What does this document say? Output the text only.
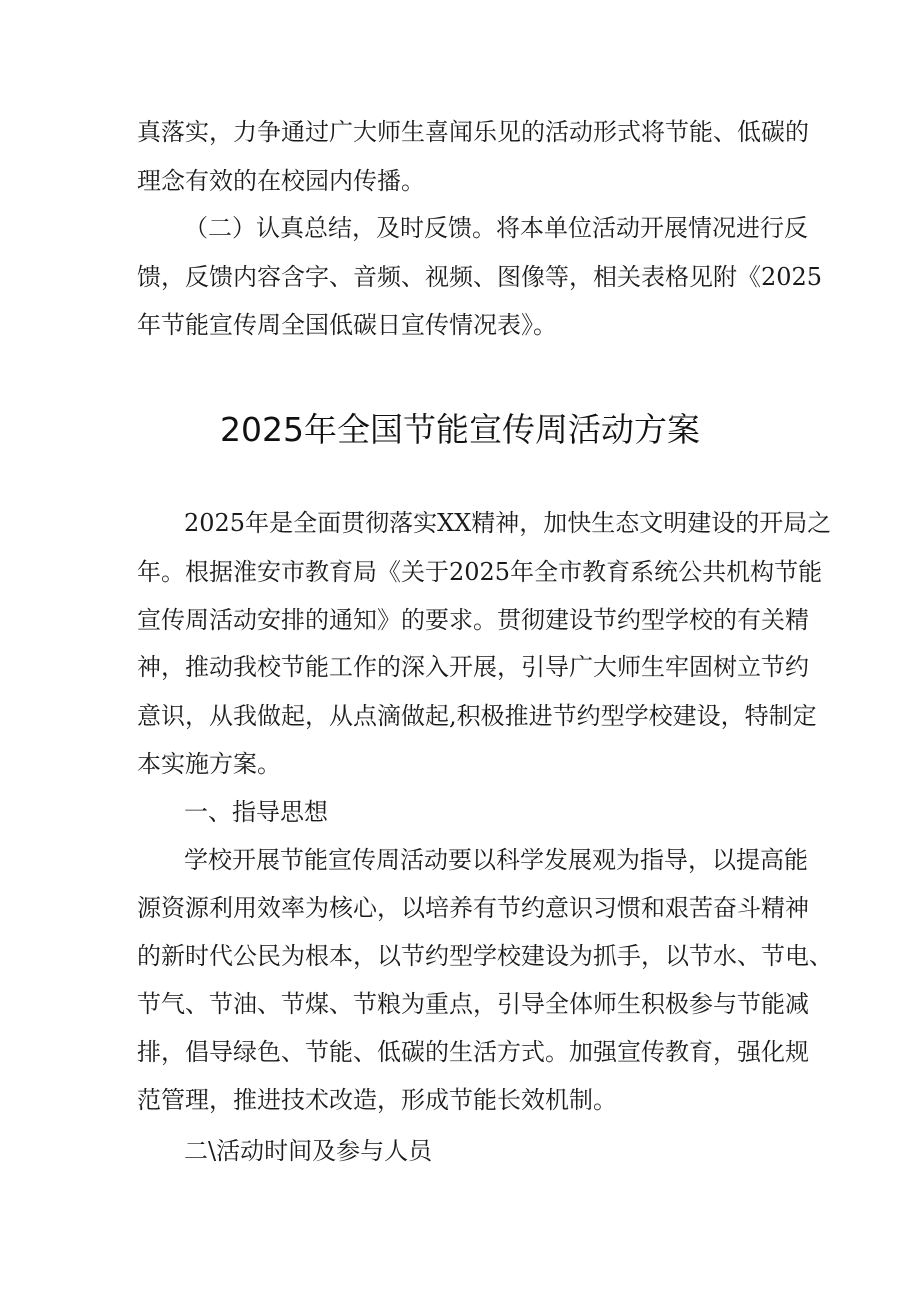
真落实，力争通过广大师生喜闻乐见的活动形式将节能、低碳的
理念有效的在校园内传播。
（二）认真总结，及时反馈。将本单位活动开展情况进行反
馈，反馈内容含字、音频、视频、图像等，相关表格见附《2025
年节能宣传周全国低碳日宣传情况表》。
2025年全国节能宣传周活动方案
2025年是全面贯彻落实XX精神，加快生态文明建设的开局之
年。根据淮安市教育局《关于2025年全市教育系统公共机构节能
宣传周活动安排的通知》的要求。贯彻建设节约型学校的有关精
神，推动我校节能工作的深入开展，引导广大师生牢固树立节约
意识，从我做起，从点滴做起,积极推进节约型学校建设，特制定
本实施方案。
一、指导思想
学校开展节能宣传周活动要以科学发展观为指导，以提高能
源资源利用效率为核心，以培养有节约意识习惯和艰苦奋斗精神
的新时代公民为根本，以节约型学校建设为抓手，以节水、节电、
节气、节油、节煤、节粮为重点，引导全体师生积极参与节能减
排，倡导绿色、节能、低碳的生活方式。加强宣传教育，强化规
范管理，推进技术改造，形成节能长效机制。
二\活动时间及参与人员
